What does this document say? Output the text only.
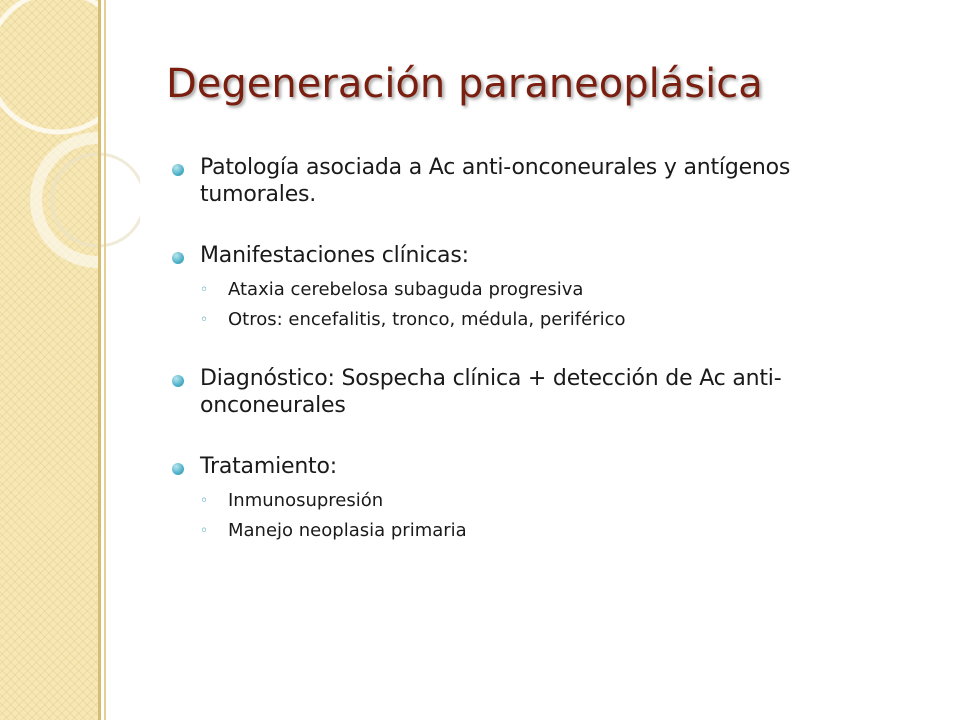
Degeneración paraneoplásica
Patología asociada a Ac anti-onconeurales y antígenos tumorales.
Manifestaciones clínicas:
◦ Ataxia cerebelosa subaguda progresiva
◦ Otros: encefalitis, tronco, médula, periférico
Diagnóstico: Sospecha clínica + detección de Ac anti-onconeurales
Tratamiento:
◦ Inmunosupresión
◦ Manejo neoplasia primaria
